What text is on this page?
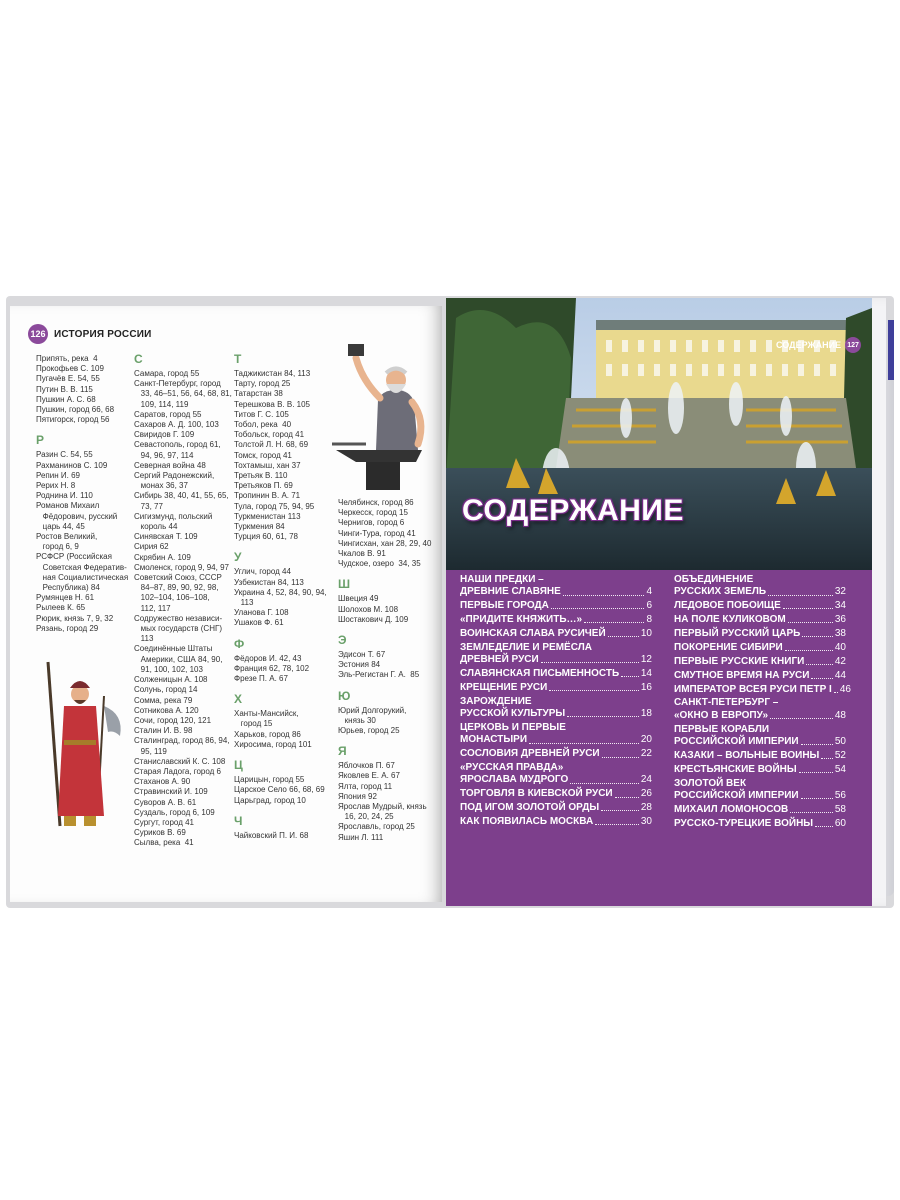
126 ИСТОРИЯ РОССИИ
Припять, река  4
Прокофьев С. 109
Пугачёв Е. 54, 55
Путин В. В. 115
Пушкин А. С. 68
Пушкин, город 66, 68
Пятигорск, город 56
Р
Разин С. 54, 55
Рахманинов С. 109
Репин И. 69
Рерих Н. 8
Роднина И. 110
Романов Михаил
Фёдорович, русский
царь 44, 45
Ростов Великий,
город 6, 9
РСФСР (Российская
Советская Федератив-
ная Социалистическая
Республика) 84
Румянцев Н. 61
Рылеев К. 65
Рюрик, князь 7, 9, 32
Рязань, город 29
С
Самара, город 55
Санкт-Петербург, город
33, 46–51, 56, 64, 68, 81,
109, 114, 119
Саратов, город 55
Сахаров А. Д. 100, 103
Свиридов Г. 109
Севастополь, город 61,
94, 96, 97, 114
Северная война 48
Сергий Радонежский,
монах 36, 37
Сибирь 38, 40, 41, 55, 65,
73, 77
Сигизмунд, польский
король 44
Синявская Т. 109
Сирия 62
Скрябин А. 109
Смоленск, город 9, 94, 97
Советский Союз, СССР
84–87, 89, 90, 92, 98,
102–104, 106–108,
112, 117
Содружество независи-
мых государств (СНГ)
113
Соединённые Штаты
Америки, США 84, 90,
91, 100, 102, 103
Солженицын А. 108
Солунь, город 14
Сомма, река 79
Сотникова А. 120
Сочи, город 120, 121
Сталин И. В. 98
Сталинград, город 86, 94,
95, 119
Станиславский К. С. 108
Старая Ладога, город 6
Стаханов А. 90
Стравинский И. 109
Суворов А. В. 61
Суздаль, город 6, 109
Сургут, город 41
Суриков В. 69
Сылва, река  41
Т
Таджикистан 84, 113
Тарту, город 25
Татарстан 38
Терешкова В. В. 105
Титов Г. С. 105
Тобол, река  40
Тобольск, город 41
Толстой Л. Н. 68, 69
Томск, город 41
Тохтамыш, хан 37
Третьяк В. 110
Третьяков П. 69
Тропинин В. А. 71
Тула, город 75, 94, 95
Туркменистан 113
Туркмения 84
Турция 60, 61, 78
У
Углич, город 44
Узбекистан 84, 113
Украина 4, 52, 84, 90, 94,
113
Уланова Г. 108
Ушаков Ф. 61
Ф
Фёдоров И. 42, 43
Франция 62, 78, 102
Фрезе П. А. 67
Х
Ханты-Мансийск,
город 15
Харьков, город 86
Хиросима, город 101
Ц
Царицын, город 55
Царское Село 66, 68, 69
Царьград, город 10
Ч
Чайковский П. И. 68
Челябинск, город 86
Черкесск, город 15
Чернигов, город 6
Чинги-Тура, город 41
Чингисхан, хан 28, 29, 40
Чкалов В. 91
Чудское, озеро  34, 35
Ш
Швеция 49
Шолохов М. 108
Шостакович Д. 109
Э
Эдисон Т. 67
Эстония 84
Эль-Регистан Г. А.  85
Ю
Юрий Долгорукий,
князь 30
Юрьев, город 25
Я
Яблочков П. 67
Яковлев Е. А. 67
Ялта, город 11
Япония 92
Ярослав Мудрый, князь
16, 20, 24, 25
Ярославль, город 25
Яшин Л. 111
СОДЕРЖАНИЕ 127
СОДЕРЖАНИЕ
НАШИ ПРЕДКИ –
ДРЕВНИЕ СЛАВЯНЕ	4
ПЕРВЫЕ ГОРОДА	6
«ПРИДИТЕ КНЯЖИТЬ…»	8
ВОИНСКАЯ СЛАВА РУСИЧЕЙ	10
ЗЕМЛЕДЕЛИЕ И РЕМЁСЛА
ДРЕВНЕЙ РУСИ	12
СЛАВЯНСКАЯ ПИСЬМЕННОСТЬ 14
КРЕЩЕНИЕ РУСИ	16
ЗАРОЖДЕНИЕ
РУССКОЙ КУЛЬТУРЫ	18
ЦЕРКОВЬ И ПЕРВЫЕ
МОНАСТЫРИ	20
СОСЛОВИЯ ДРЕВНЕЙ РУСИ	22
«РУССКАЯ ПРАВДА»
ЯРОСЛАВА МУДРОГО	24
ТОРГОВЛЯ В КИЕВСКОЙ РУСИ	26
ПОД ИГОМ ЗОЛОТОЙ ОРДЫ	28
КАК ПОЯВИЛАСЬ МОСКВА	30
ОБЪЕДИНЕНИЕ
РУССКИХ ЗЕМЕЛЬ	32
ЛЕДОВОЕ ПОБОИЩЕ	34
НА ПОЛЕ КУЛИКОВОМ	36
ПЕРВЫЙ РУССКИЙ ЦАРЬ	38
ПОКОРЕНИЕ СИБИРИ	40
ПЕРВЫЕ РУССКИЕ КНИГИ	42
СМУТНОЕ ВРЕМЯ НА РУСИ	44
ИМПЕРАТОР ВСЕЯ РУСИ ПЕТР I 46
САНКТ-ПЕТЕРБУРГ –
«ОКНО В ЕВРОПУ»	48
ПЕРВЫЕ КОРАБЛИ
РОССИЙСКОЙ ИМПЕРИИ	50
КАЗАКИ – ВОЛЬНЫЕ ВОИНЫ 52
КРЕСТЬЯНСКИЕ ВОЙНЫ	54
ЗОЛОТОЙ ВЕК
РОССИЙСКОЙ ИМПЕРИИ	56
МИХАИЛ ЛОМОНОСОВ	58
РУССКО-ТУРЕЦКИЕ ВОЙНЫ 60
